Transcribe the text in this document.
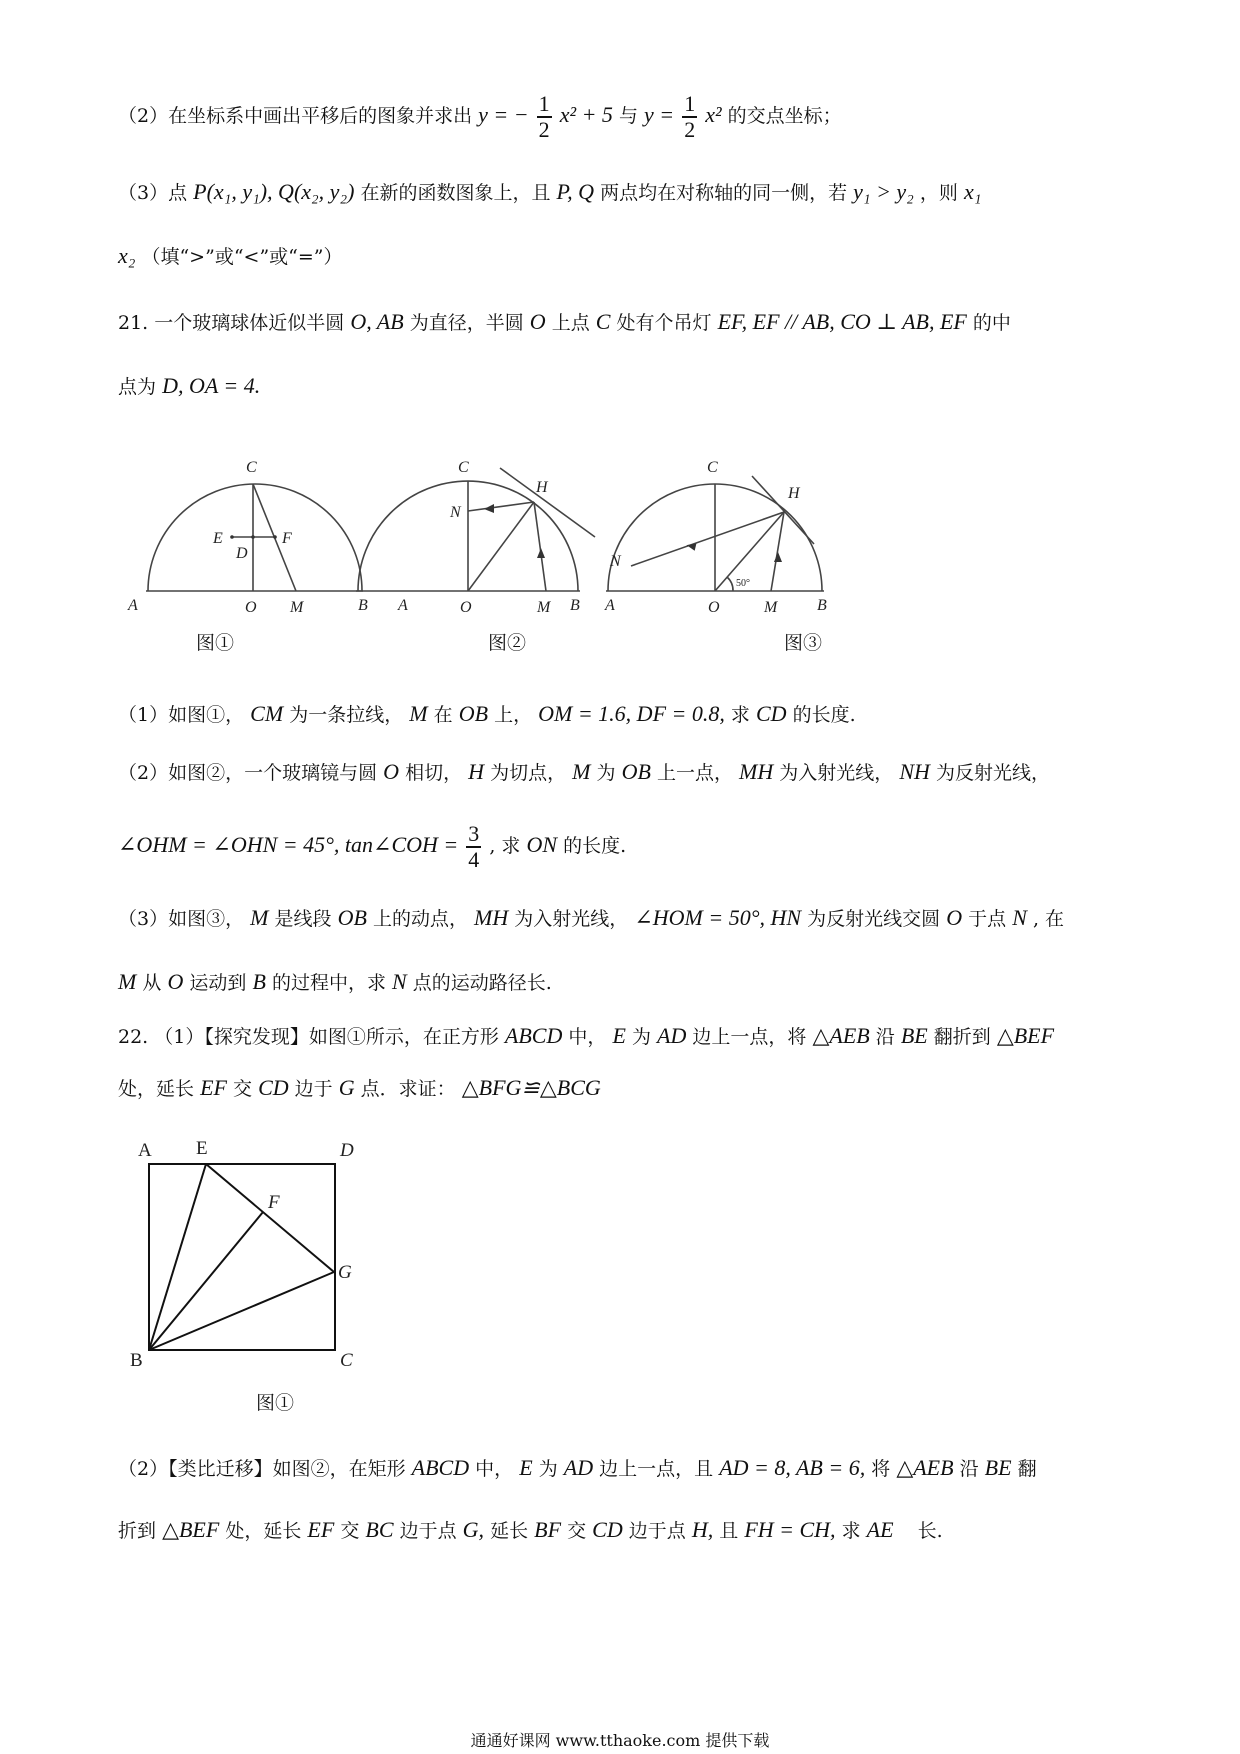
（2）在坐标系中画出平移后的图象并求出 y = − $\frac{1}{2} x^2 + 5$ 与 $y = \frac{1}{2} x^2$ 的交点坐标；
（3）点 P(x₁, y₁), Q(x₂, y₂) 在新的函数图象上，且 P, Q 两点均在对称轴的同一侧，若 y₁ > y₂ ，则 x₁
x₂ （填“>”或“<”或“=”）
21. 一个玻璃球体近似半圆 O, AB 为直径，半圆 O 上点 C 处有个吊灯 EF, EF // AB, CO ⊥ AB, EF 的中
点为 D, OA = 4.
C
E	F
D
A	O M	B
C
H
N
A	O	M B
C
H
N
A	O	M B
50°
图①	图②	图③
（1）如图①， CM 为一条拉线， M 在 OB 上， OM = 1.6, DF = 0.8, 求 CD 的长度.
（2）如图②，一个玻璃镜与圆 O 相切， H 为切点， M 为 OB 上一点， MH 为入射光线， NH 为反射光线，
∠OHM = ∠OHN = 45°, tan∠COH = $\frac{3}{4}$ , 求 ON 的长度.
（3）如图③， M 是线段 OB 上的动点， MH 为入射光线， ∠HOM = 50°, HN 为反射光线交圆 O 于点 N , 在
M 从 O 运动到 B 的过程中，求 N 点的运动路径长.
22. （1）【探究发现】如图①所示，在正方形 ABCD 中， E 为 AD 边上一点，将 △AEB 沿 BE 翻折到 △BEF
处，延长 EF 交 CD 边于 G 点．求证： △BFG≌△BCG
A E	D
F
G
B	C
图①
（2）【类比迁移】如图②，在矩形 ABCD 中， E 为 AD 边上一点，且 AD = 8, AB = 6, 将 △AEB 沿 BE 翻
折到 △BEF 处，延长 EF 交 BC 边于点 G, 延长 BF 交 CD 边于点 H, 且 FH = CH, 求 AE 长.
通通好课网 www.tthaoke.com 提供下载
